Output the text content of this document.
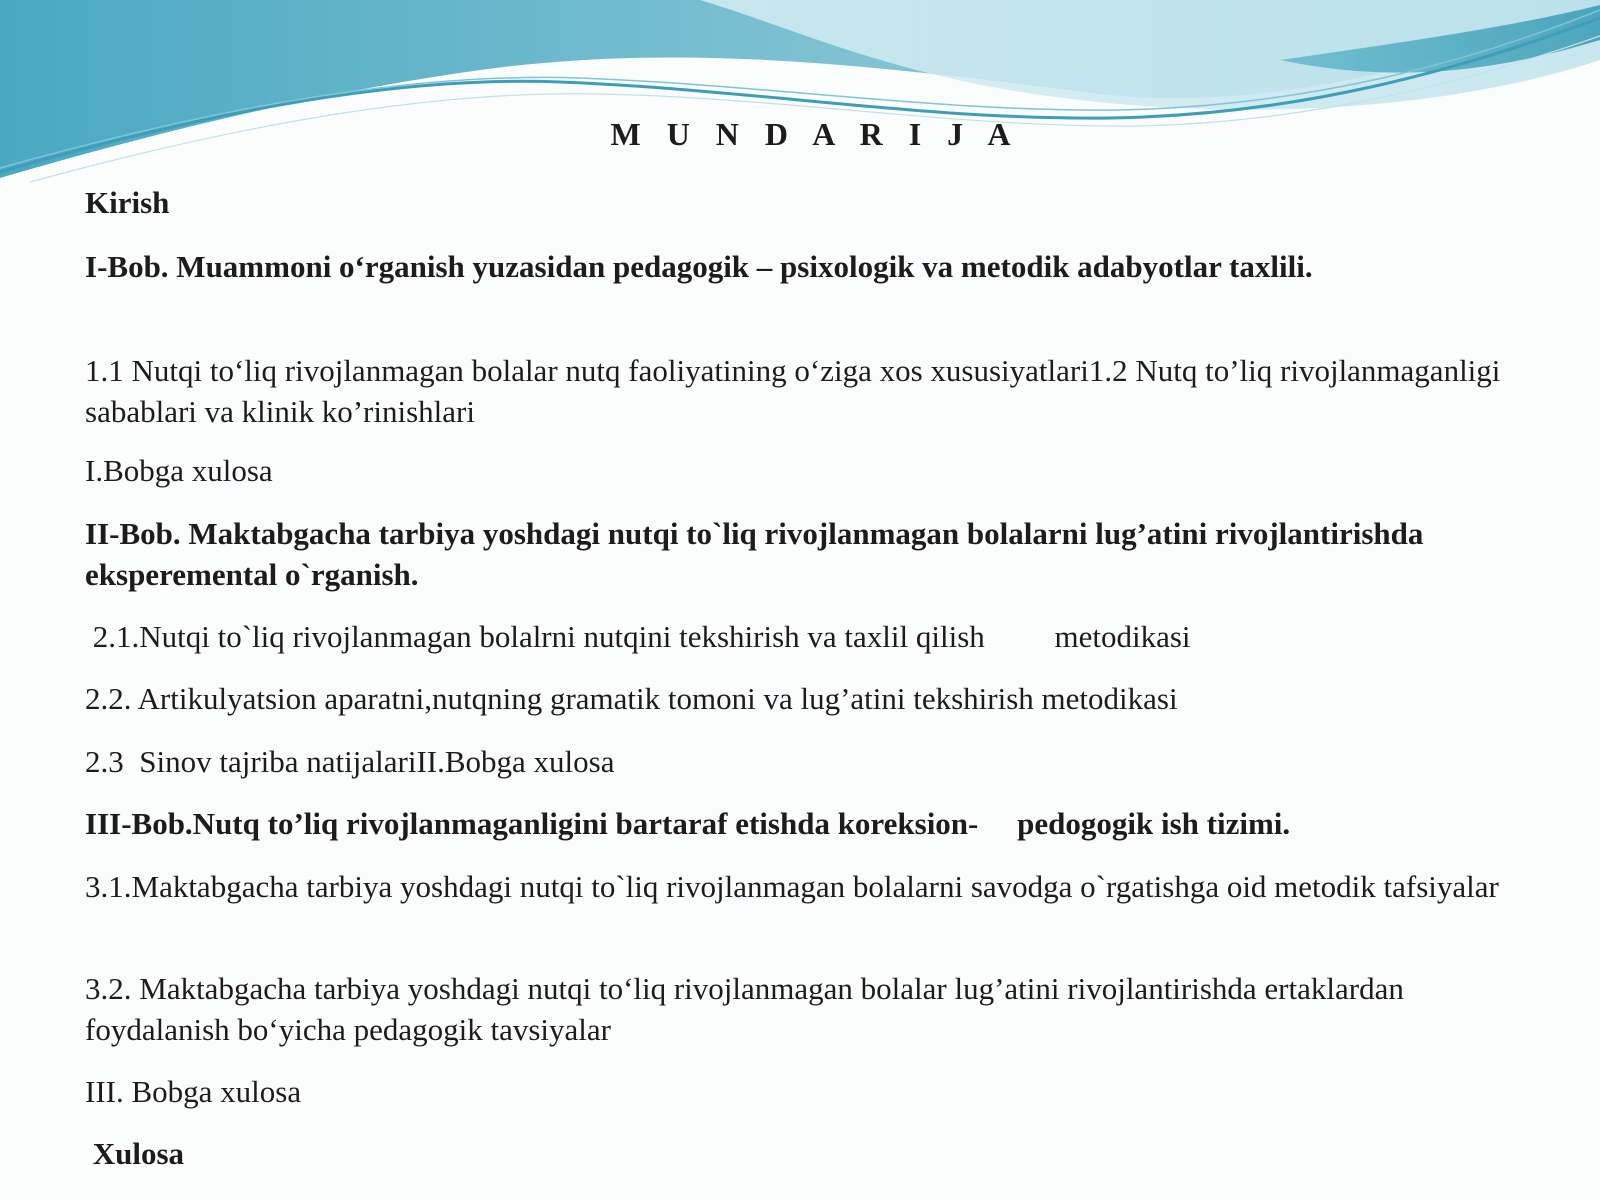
M U N D A R I J A
Kirish
I-Bob. Muammoni o‘rganish yuzasidan pedagogik – psixologik va metodik adabyotlar taxlili.
1.1 Nutqi to‘liq rivojlanmagan bolalar nutq faoliyatining o‘ziga xos xususiyatlari1.2 Nutq to’liq rivojlanmaganligi sabablari va klinik ko’rinishlari
I.Bobga xulosa
II-Bob. Maktabgacha tarbiya yoshdagi nutqi to`liq rivojlanmagan bolalarni lug’atini rivojlantirishda eksperemental o`rganish.
2.1.Nutqi to`liq rivojlanmagan bolalrni nutqini tekshirish va taxlil qilish         metodikasi
2.2. Artikulyatsion aparatni,nutqning gramatik tomoni va lug’atini tekshirish metodikasi
2.3  Sinov tajriba natijalariII.Bobga xulosa
III-Bob.Nutq to’liq rivojlanmaganligini bartaraf etishda koreksion-     pedogogik ish tizimi.
3.1.Maktabgacha tarbiya yoshdagi nutqi to`liq rivojlanmagan bolalarni savodga o`rgatishga oid metodik tafsiyalar
3.2. Maktabgacha tarbiya yoshdagi nutqi to‘liq rivojlanmagan bolalar lug’atini rivojlantirishda ertaklardan foydalanish bo‘yicha pedagogik tavsiyalar
III. Bobga xulosa
Xulosa
